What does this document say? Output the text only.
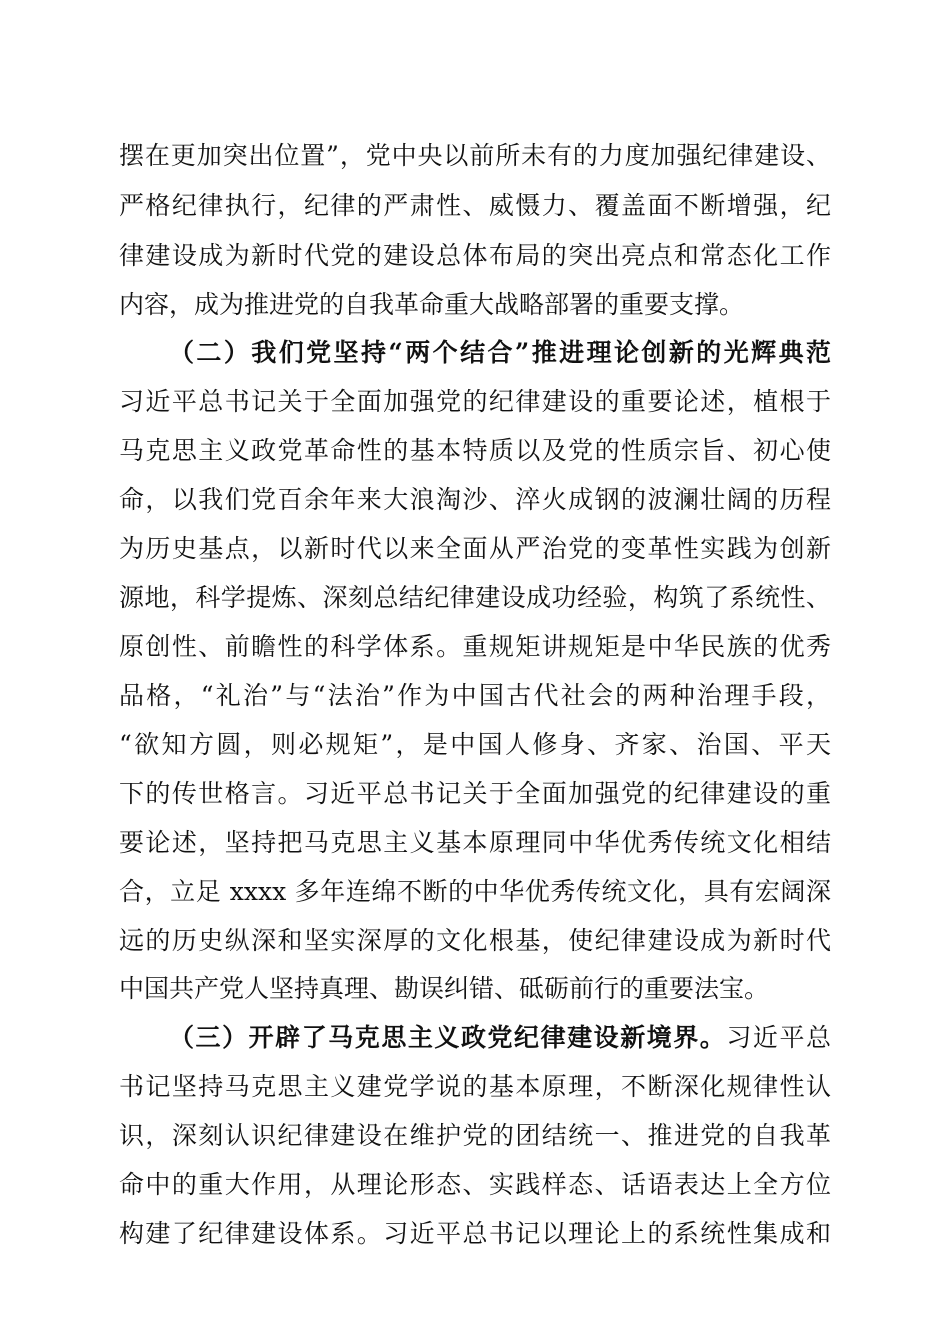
摆在更加突出位置”，党中央以前所未有的力度加强纪律建设、
严格纪律执行，纪律的严肃性、威慑力、覆盖面不断增强，纪
律建设成为新时代党的建设总体布局的突出亮点和常态化工作
内容，成为推进党的自我革命重大战略部署的重要支撑。
（二）我们党坚持“两个结合”推进理论创新的光辉典范
习近平总书记关于全面加强党的纪律建设的重要论述，植根于
马克思主义政党革命性的基本特质以及党的性质宗旨、初心使
命，以我们党百余年来大浪淘沙、淬火成钢的波澜壮阔的历程
为历史基点，以新时代以来全面从严治党的变革性实践为创新
源地，科学提炼、深刻总结纪律建设成功经验，构筑了系统性、
原创性、前瞻性的科学体系。重规矩讲规矩是中华民族的优秀
品格，“礼治”与“法治”作为中国古代社会的两种治理手段，
“欲知方圆，则必规矩”，是中国人修身、齐家、治国、平天
下的传世格言。习近平总书记关于全面加强党的纪律建设的重
要论述，坚持把马克思主义基本原理同中华优秀传统文化相结
合，立足 xxxx 多年连绵不断的中华优秀传统文化，具有宏阔深
远的历史纵深和坚实深厚的文化根基，使纪律建设成为新时代
中国共产党人坚持真理、勘误纠错、砥砺前行的重要法宝。
（三）开辟了马克思主义政党纪律建设新境界。习近平总
书记坚持马克思主义建党学说的基本原理，不断深化规律性认
识，深刻认识纪律建设在维护党的团结统一、推进党的自我革
命中的重大作用，从理论形态、实践样态、话语表达上全方位
构建了纪律建设体系。习近平总书记以理论上的系统性集成和
